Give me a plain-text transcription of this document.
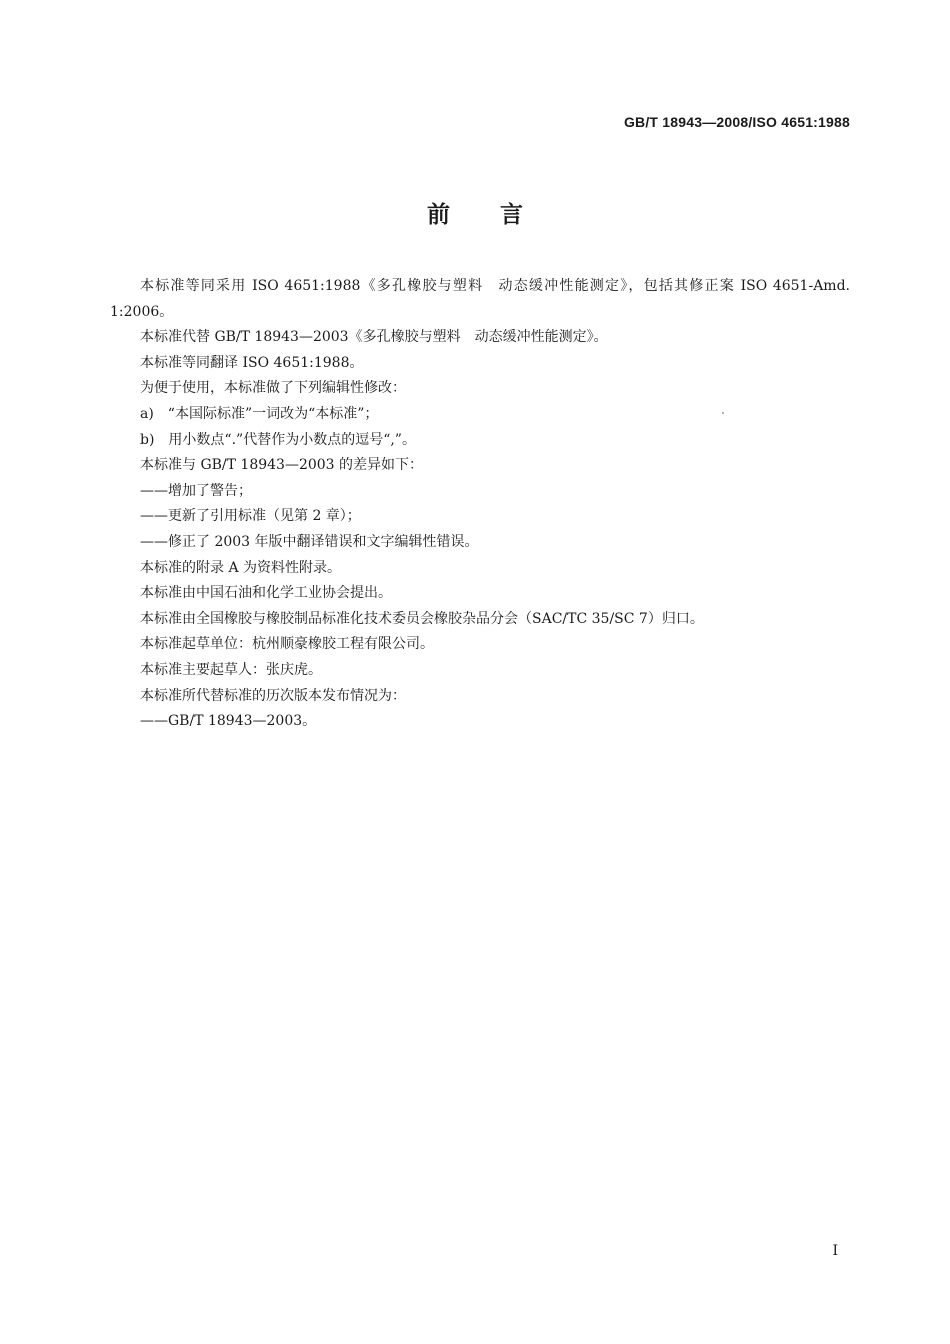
GB/T 18943—2008/ISO 4651:1988
前言

本标准等同采用 ISO 4651:1988《多孔橡胶与塑料　动态缓冲性能测定》，包括其修正案 ISO 4651-Amd. 1:2006。

本标准代替 GB/T 18943—2003《多孔橡胶与塑料　动态缓冲性能测定》。

本标准等同翻译 ISO 4651:1988。

为便于使用，本标准做了下列编辑性修改：

a)　“本国际标准”一词改为“本标准”；

b)　用小数点“.”代替作为小数点的逗号“,”。

本标准与 GB/T 18943—2003 的差异如下：

——增加了警告；

——更新了引用标准（见第 2 章）；

——修正了 2003 年版中翻译错误和文字编辑性错误。

本标准的附录 A 为资料性附录。

本标准由中国石油和化学工业协会提出。

本标准由全国橡胶与橡胶制品标准化技术委员会橡胶杂品分会（SAC/TC 35/SC 7）归口。

本标准起草单位：杭州顺豪橡胶工程有限公司。

本标准主要起草人：张庆虎。

本标准所代替标准的历次版本发布情况为：

——GB/T 18943—2003。

I
